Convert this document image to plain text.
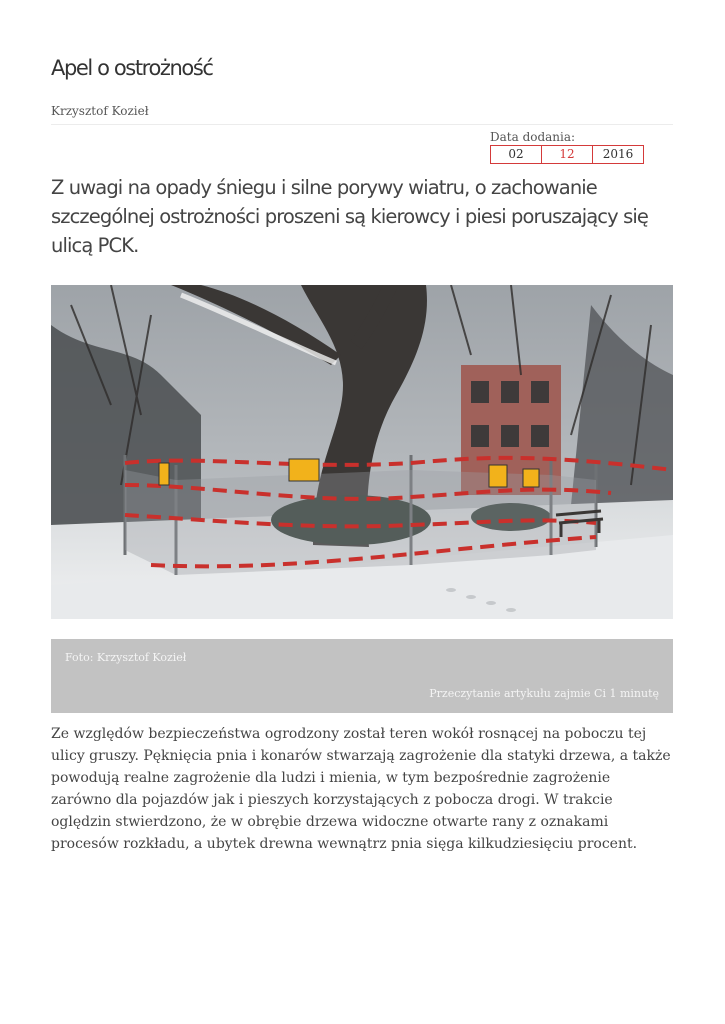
Apel o ostrożność
Krzysztof Kozieł
Data dodania:
02	12	2016
Z uwagi na opady śniegu i silne porywy wiatru, o zachowanie szczególnej ostrożności proszeni są kierowcy i piesi poruszający się ulicą PCK.
Foto: Krzysztof Kozieł
Przeczytanie artykułu zajmie Ci 1 minutę

Ze względów bezpieczeństwa ogrodzony został teren wokół rosnącej na poboczu tej ulicy gruszy. Pęknięcia pnia i konarów stwarzają zagrożenie dla statyki drzewa, a także powodują realne zagrożenie dla ludzi i mienia, w tym bezpośrednie zagrożenie zarówno dla pojazdów jak i pieszych korzystających z pobocza drogi. W trakcie oględzin stwierdzono, że w obrębie drzewa widoczne otwarte rany z oznakami procesów rozkładu, a ubytek drewna wewnątrz pnia sięga kilkudziesięciu procent.
